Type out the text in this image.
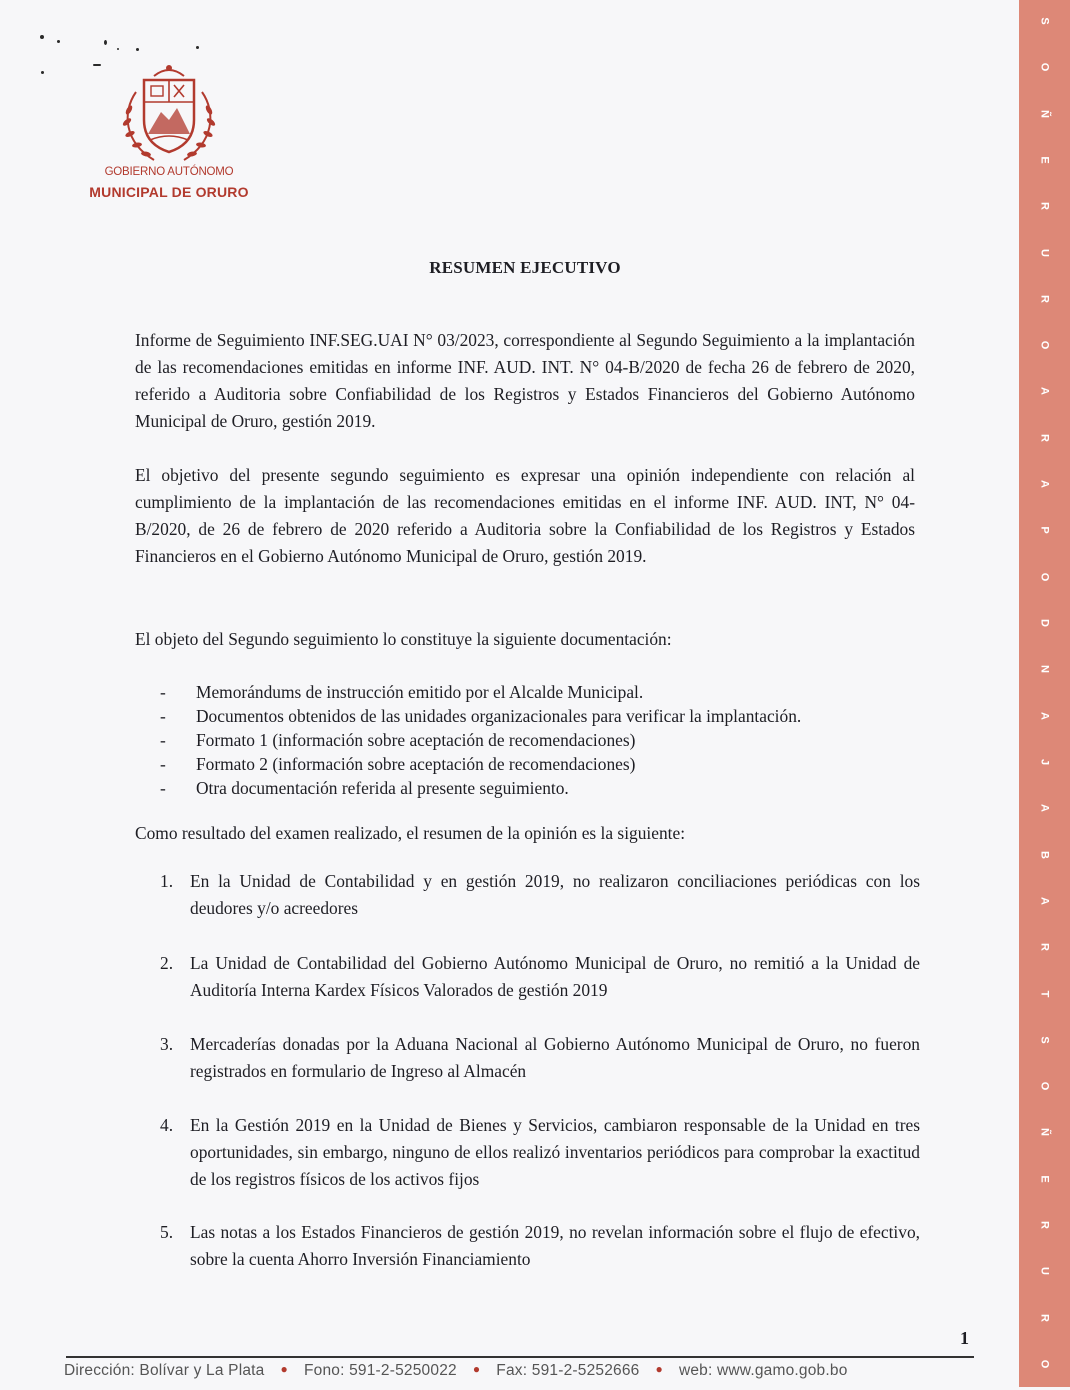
GOBIERNO AUTÓNOMO
MUNICIPAL DE ORURO
S
O
Ñ
E
R
U
R
O
A
R
A
P
O
D
N
A
J
A
B
A
R
T
S
O
Ñ
E
R
U
R
O
RESUMEN EJECUTIVO

Informe de Seguimiento INF.SEG.UAI N° 03/2023, correspondiente al Segundo Seguimiento a la implantación de las recomendaciones emitidas en informe INF. AUD. INT. N° 04-B/2020 de fecha 26 de febrero de 2020, referido a Auditoria sobre Confiabilidad de los Registros y Estados Financieros del Gobierno Autónomo Municipal de Oruro, gestión 2019.

El objetivo del presente segundo seguimiento es expresar una opinión independiente con relación al cumplimiento de la implantación de las recomendaciones emitidas en el informe INF. AUD. INT, N° 04-B/2020, de 26 de febrero de 2020 referido a Auditoria sobre la Confiabilidad de los Registros y Estados Financieros en el Gobierno Autónomo Municipal de Oruro, gestión 2019.

El objeto del Segundo seguimiento lo constituye la siguiente documentación:

-	Memorándums de instrucción emitido por el Alcalde Municipal.
-	Documentos obtenidos de las unidades organizacionales para verificar la implantación.
-	Formato 1 (información sobre aceptación de recomendaciones)
-	Formato 2 (información sobre aceptación de recomendaciones)
-	Otra documentación referida al presente seguimiento.

Como resultado del examen realizado, el resumen de la opinión es la siguiente:

1. En la Unidad de Contabilidad y en gestión 2019, no realizaron conciliaciones periódicas con los deudores y/o acreedores
2. La Unidad de Contabilidad del Gobierno Autónomo Municipal de Oruro, no remitió a la Unidad de Auditoría Interna Kardex Físicos Valorados de gestión 2019
3. Mercaderías donadas por la Aduana Nacional al Gobierno Autónomo Municipal de Oruro, no fueron registrados en formulario de Ingreso al Almacén
4. En la Gestión 2019 en la Unidad de Bienes y Servicios, cambiaron responsable de la Unidad en tres oportunidades, sin embargo, ninguno de ellos realizó inventarios periódicos para comprobar la exactitud de los registros físicos de los activos fijos
5. Las notas a los Estados Financieros de gestión 2019, no revelan información sobre el flujo de efectivo, sobre la cuenta Ahorro Inversión Financiamiento
1
Dirección: Bolívar y La Plata ● Fono: 591-2-5250022 ● Fax: 591-2-5252666 ● web: www.gamo.gob.bo
